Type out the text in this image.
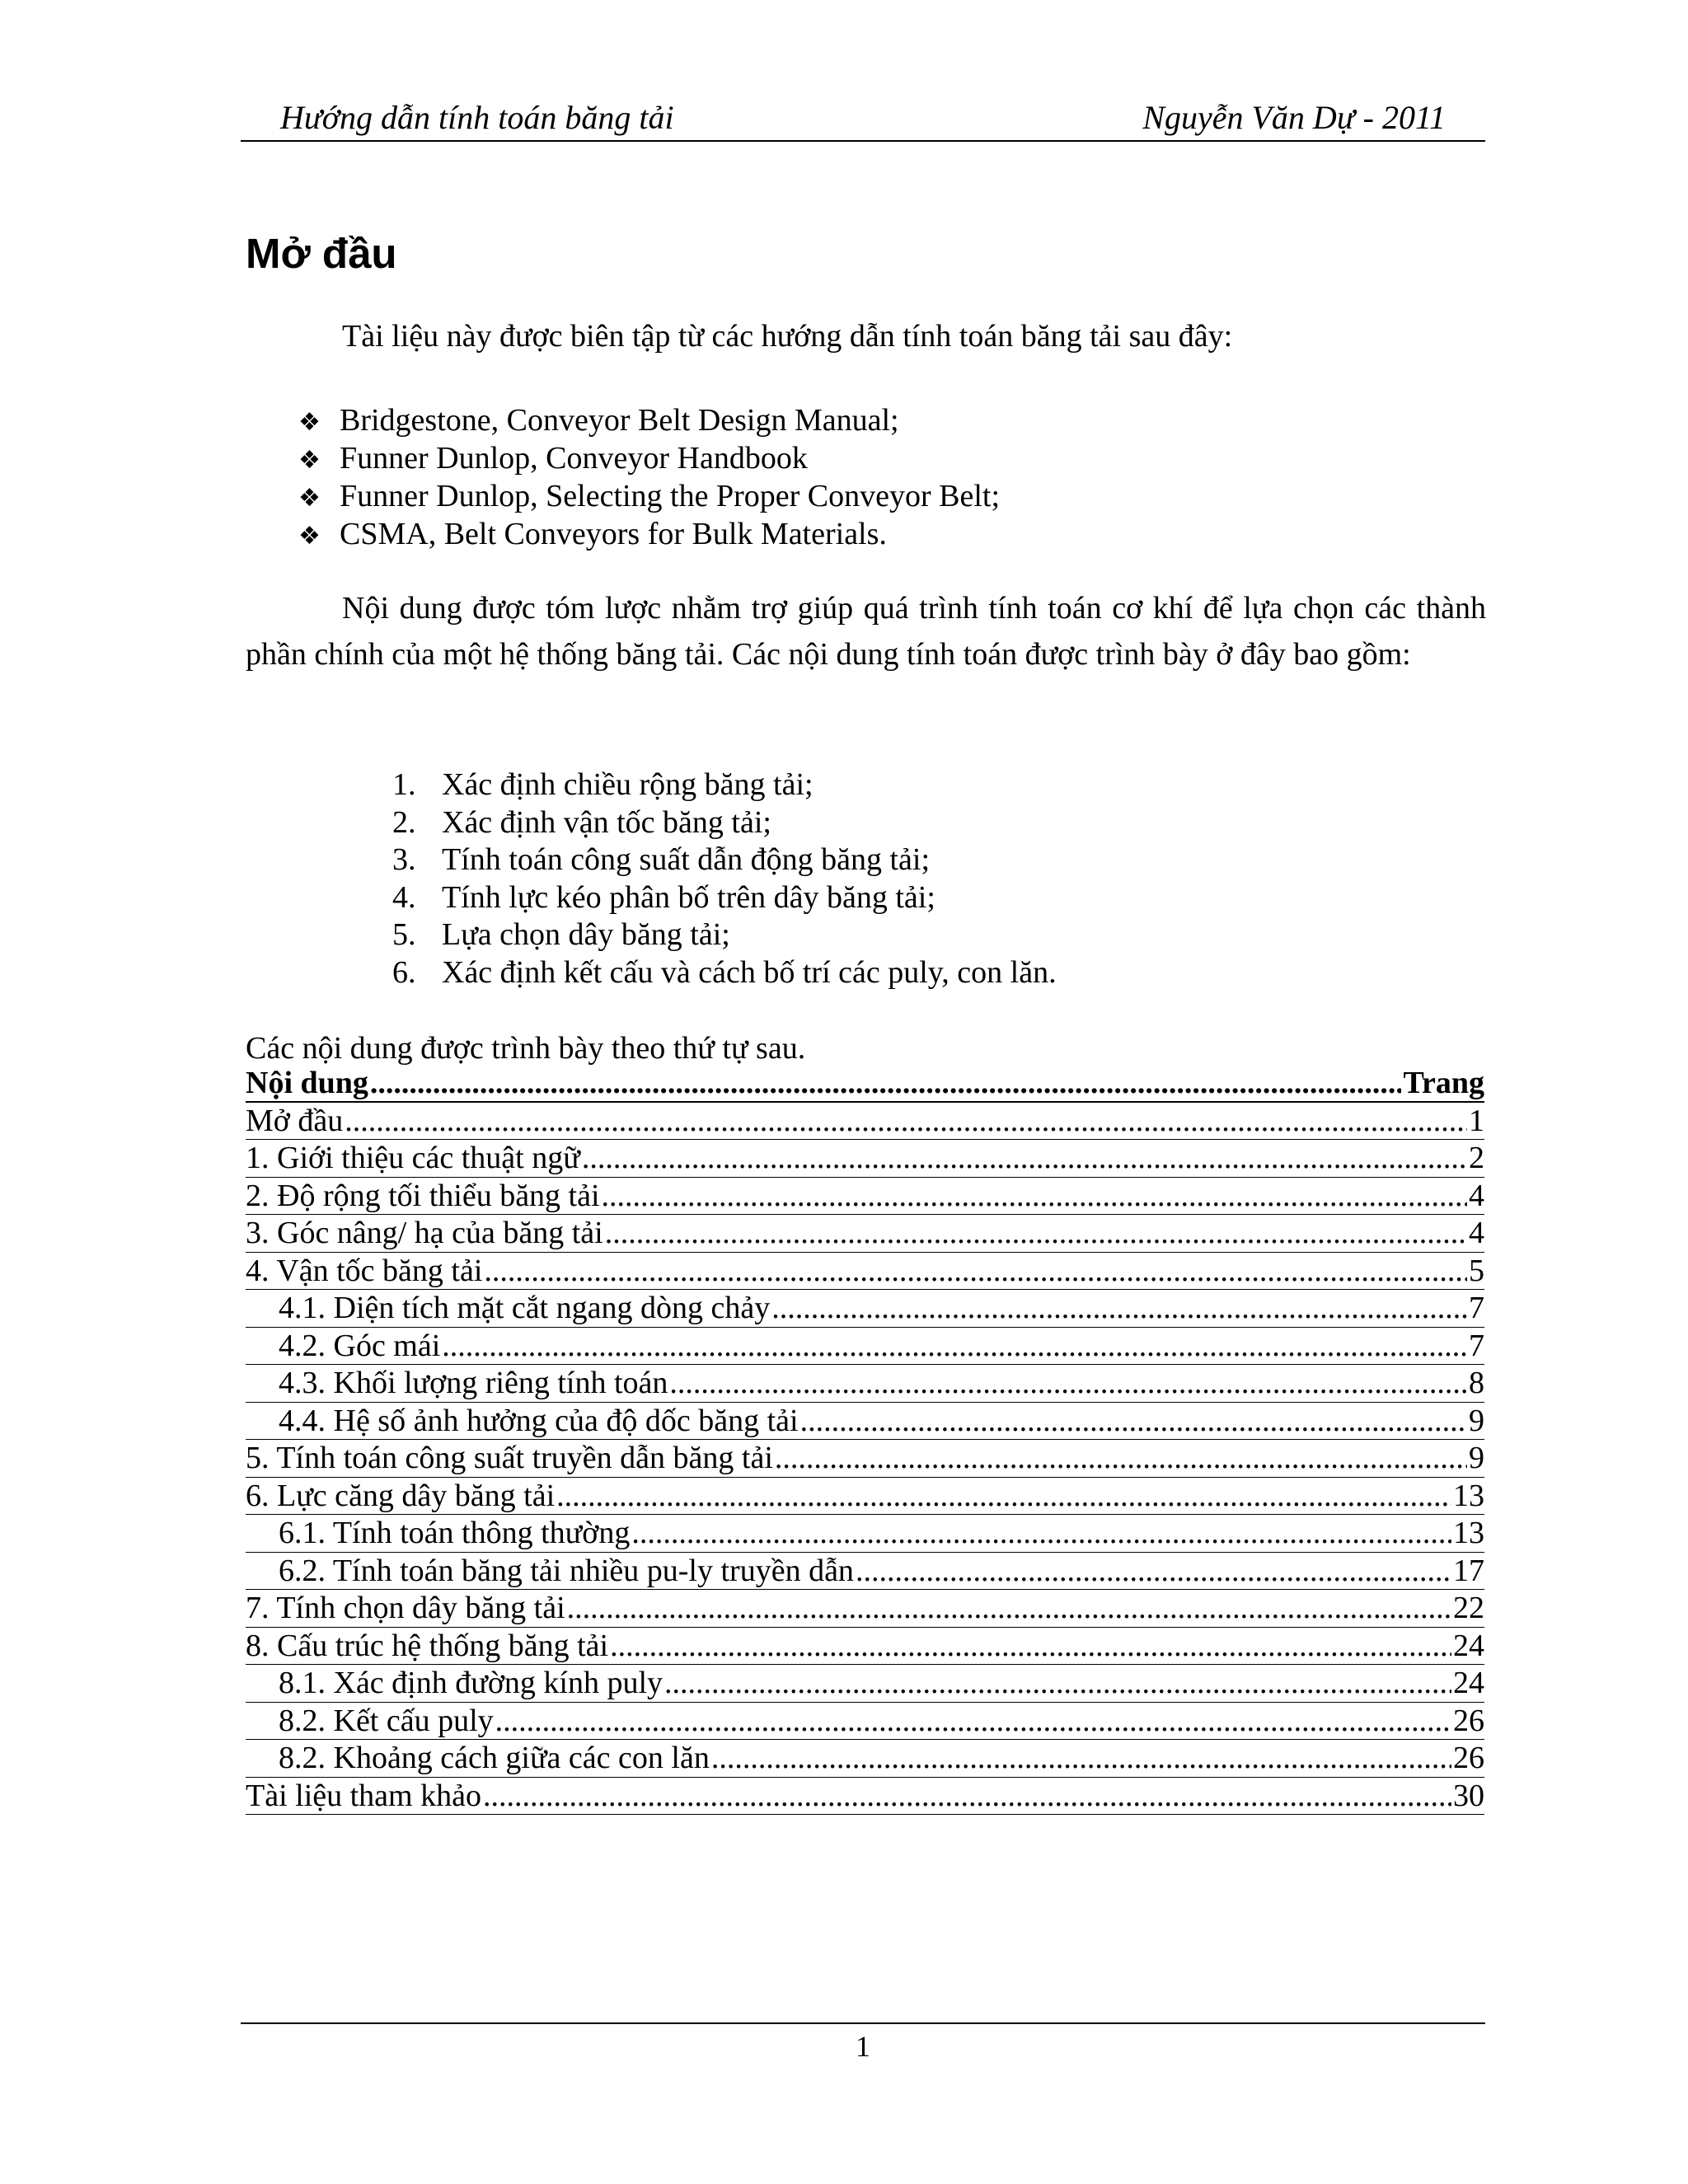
Hướng dẫn tính toán băng tải	Nguyễn Văn Dự - 2011
Mở đầu

Tài liệu này được biên tập từ các hướng dẫn tính toán băng tải sau đây:

❖ Bridgestone, Conveyor Belt Design Manual;
❖ Funner Dunlop, Conveyor Handbook
❖ Funner Dunlop, Selecting the Proper Conveyor Belt;
❖ CSMA, Belt Conveyors for Bulk Materials.

Nội dung được tóm lược nhằm trợ giúp quá trình tính toán cơ khí để lựa chọn các thành phần chính của một hệ thống băng tải. Các nội dung tính toán được trình bày ở đây bao gồm:

1. Xác định chiều rộng băng tải;
2. Xác định vận tốc băng tải;
3. Tính toán công suất dẫn động băng tải;
4. Tính lực kéo phân bố trên dây băng tải;
5. Lựa chọn dây băng tải;
6. Xác định kết cấu và cách bố trí các puly, con lăn.

Các nội dung được trình bày theo thứ tự sau.

Nội dung .....	Trang
Mở đầu .....	1
1. Giới thiệu các thuật ngữ .....	2
2. Độ rộng tối thiểu băng tải .....	4
3. Góc nâng/ hạ của băng tải .....	4
4. Vận tốc băng tải .....	5
4.1. Diện tích mặt cắt ngang dòng chảy .....	7
4.2. Góc mái .....	7
4.3. Khối lượng riêng tính toán .....	8
4.4. Hệ số ảnh hưởng của độ dốc băng tải .....	9
5. Tính toán công suất truyền dẫn băng tải .....	9
6. Lực căng dây băng tải .....	13
6.1. Tính toán thông thường .....	13
6.2. Tính toán băng tải nhiều pu-ly truyền dẫn .....	17
7. Tính chọn dây băng tải .....	22
8. Cấu trúc hệ thống băng tải .....	24
8.1. Xác định đường kính puly .....	24
8.2. Kết cấu puly .....	26
8.2. Khoảng cách giữa các con lăn .....	26
Tài liệu tham khảo .....	30
1
